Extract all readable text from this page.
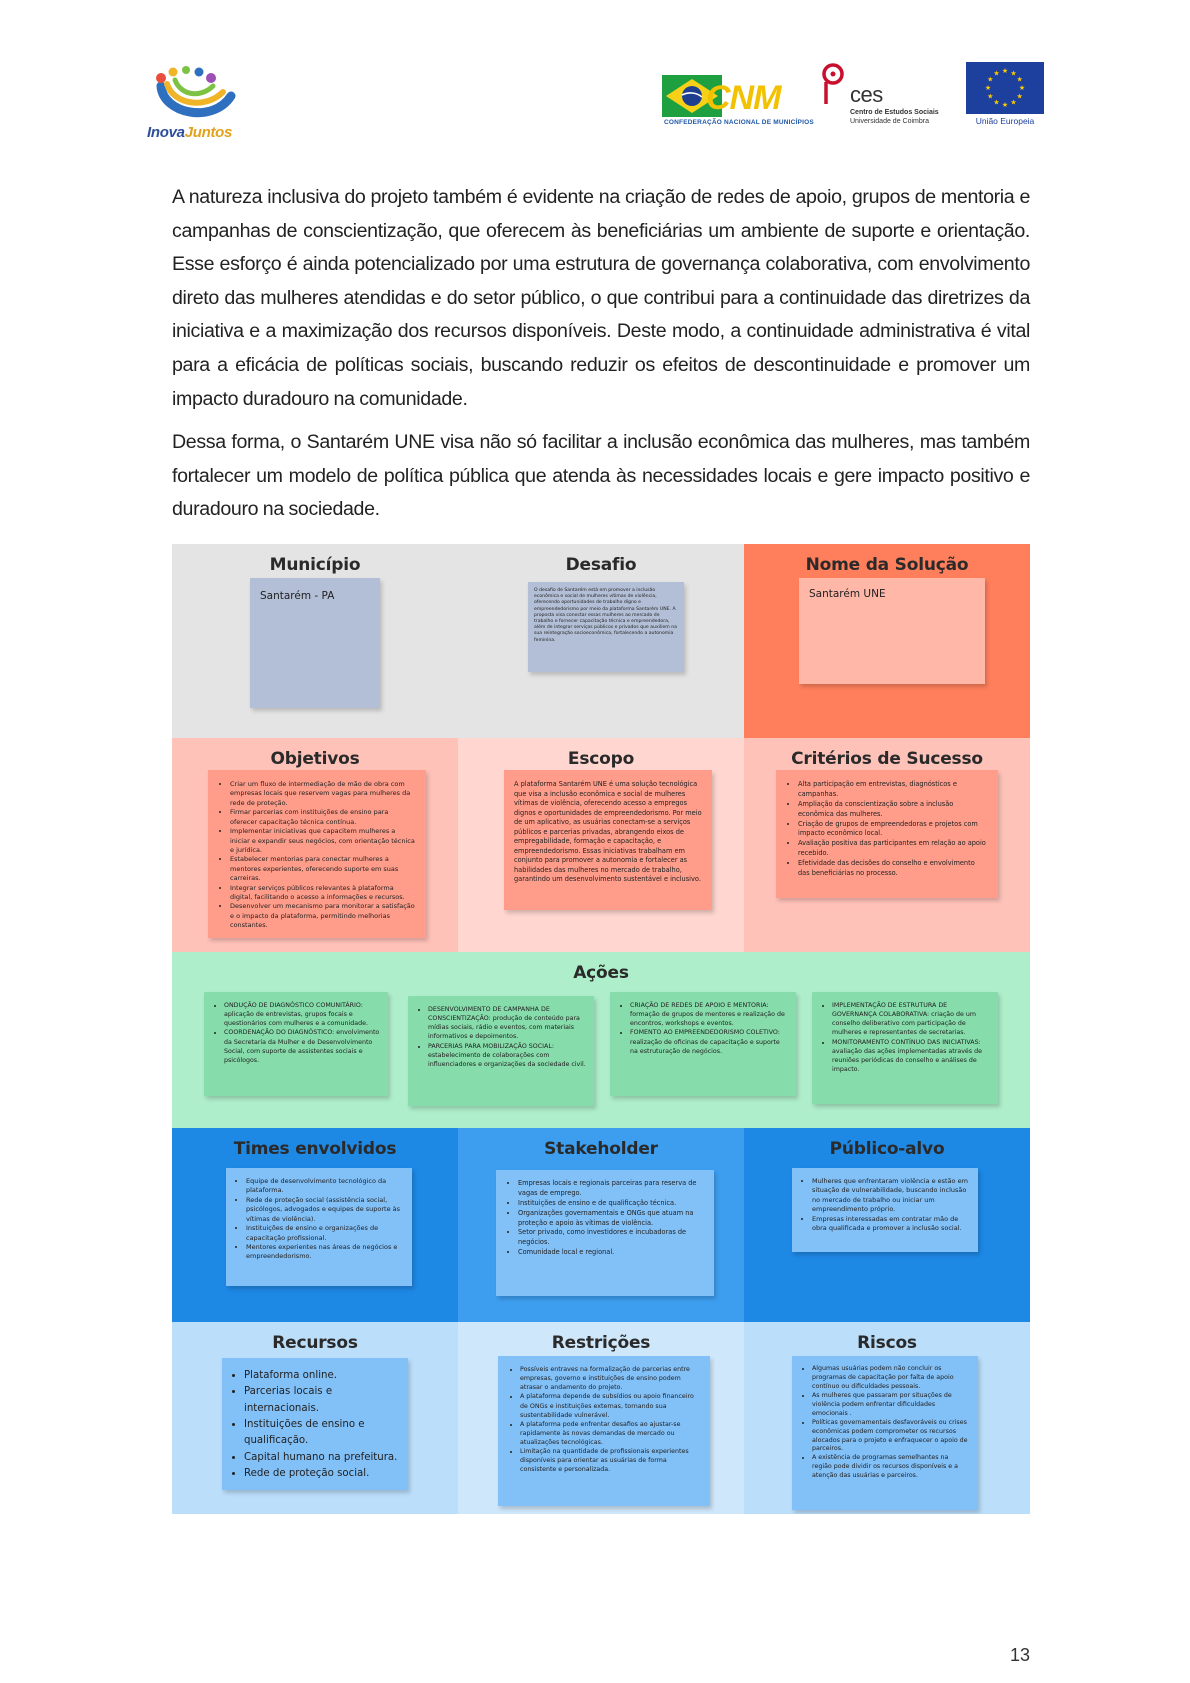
InovaJuntos
CNM
CONFEDERAÇÃO NACIONAL DE MUNICÍPIOS
ces
Centro de Estudos Sociais
Universidade de Coimbra
★ ★
★
★
★
★
★
★
★
★
★
★
União Europeia

A natureza inclusiva do projeto também é evidente na criação de redes de apoio, grupos de mentoria e campanhas de conscientização, que oferecem às beneficiárias um ambiente de suporte e orientação. Esse esforço é ainda potencializado por uma estrutura de governança colaborativa, com envolvimento direto das mulheres atendidas e do setor público, o que contribui para a continuidade das diretrizes da iniciativa e a maximização dos recursos disponíveis. Deste modo, a continuidade administrativa é vital para a eficácia de políticas sociais, buscando reduzir os efeitos de descontinuidade e promover um impacto duradouro na comunidade.

Dessa forma, o Santarém UNE visa não só facilitar a inclusão econômica das mulheres, mas também fortalecer um modelo de política pública que atenda às necessidades locais e gere impacto positivo e duradouro na sociedade.

Município
Santarém - PA
Desafio
O desafio de Santarém está em promover a inclusão econômica e social de mulheres vítimas de violência, oferecendo oportunidades de trabalho digno e empreendedorismo por meio da plataforma Santarém UNE. A proposta visa conectar essas mulheres ao mercado de trabalho e fornecer capacitação técnica e empreendedora, além de integrar serviços públicos e privados que auxiliem na sua reintegração socioeconômica, fortalecendo a autonomia feminina.
Nome da Solução
Santarém UNE
Objetivos
• Criar um fluxo de intermediação de mão de obra com empresas locais que reservem vagas para mulheres da rede de proteção.
• Firmar parcerias com instituições de ensino para oferecer capacitação técnica contínua.
• Implementar iniciativas que capacitem mulheres a iniciar e expandir seus negócios, com orientação técnica e jurídica.
• Estabelecer mentorias para conectar mulheres a mentores experientes, oferecendo suporte em suas carreiras.
• Integrar serviços públicos relevantes à plataforma digital, facilitando o acesso a informações e recursos.
• Desenvolver um mecanismo para monitorar a satisfação e o impacto da plataforma, permitindo melhorias constantes.
Escopo
A plataforma Santarém UNE é uma solução tecnológica que visa a inclusão econômica e social de mulheres vítimas de violência, oferecendo acesso a empregos dignos e oportunidades de empreendedorismo. Por meio de um aplicativo, as usuárias conectam-se a serviços públicos e parcerias privadas, abrangendo eixos de empregabilidade, formação e capacitação, e empreendedorismo. Essas iniciativas trabalham em conjunto para promover a autonomia e fortalecer as habilidades das mulheres no mercado de trabalho, garantindo um desenvolvimento sustentável e inclusivo.
Critérios de Sucesso
• Alta participação em entrevistas, diagnósticos e campanhas.
• Ampliação da conscientização sobre a inclusão econômica das mulheres.
• Criação de grupos de empreendedoras e projetos com impacto econômico local.
• Avaliação positiva das participantes em relação ao apoio recebido.
• Efetividade das decisões do conselho e envolvimento das beneficiárias no processo.
Ações
• ONDUÇÃO DE DIAGNÓSTICO COMUNITÁRIO: aplicação de entrevistas, grupos focais e questionários com mulheres e a comunidade.
• COORDENAÇÃO DO DIAGNÓSTICO: envolvimento da Secretaria da Mulher e de Desenvolvimento Social, com suporte de assistentes sociais e psicólogos.
• DESENVOLVIMENTO DE CAMPANHA DE CONSCIENTIZAÇÃO: produção de conteúdo para mídias sociais, rádio e eventos, com materiais informativos e depoimentos.
• PARCERIAS PARA MOBILIZAÇÃO SOCIAL: estabelecimento de colaborações com influenciadores e organizações da sociedade civil.
• CRIAÇÃO DE REDES DE APOIO E MENTORIA: formação de grupos de mentores e realização de encontros, workshops e eventos.
• FOMENTO AO EMPREENDEDORISMO COLETIVO: realização de oficinas de capacitação e suporte na estruturação de negócios.
• IMPLEMENTAÇÃO DE ESTRUTURA DE GOVERNANÇA COLABORATIVA: criação de um conselho deliberativo com participação de mulheres e representantes de secretarias.
• MONITORAMENTO CONTÍNUO DAS INICIATIVAS: avaliação das ações implementadas através de reuniões periódicas do conselho e análises de impacto.
Times envolvidos
• Equipe de desenvolvimento tecnológico da plataforma.
• Rede de proteção social (assistência social, psicólogos, advogados e equipes de suporte às vítimas de violência).
• Instituições de ensino e organizações de capacitação profissional.
• Mentores experientes nas áreas de negócios e empreendedorismo.
Stakeholder
• Empresas locais e regionais parceiras para reserva de vagas de emprego.
• Instituições de ensino e de qualificação técnica.
• Organizações governamentais e ONGs que atuam na proteção e apoio às vítimas de violência.
• Setor privado, como investidores e incubadoras de negócios.
• Comunidade local e regional.
Público-alvo
• Mulheres que enfrentaram violência e estão em situação de vulnerabilidade, buscando inclusão no mercado de trabalho ou iniciar um empreendimento próprio.
• Empresas interessadas em contratar mão de obra qualificada e promover a inclusão social.
Recursos
• Plataforma online.
• Parcerias locais e internacionais.
• Instituições de ensino e qualificação.
• Capital humano na prefeitura.
• Rede de proteção social.
Restrições
• Possíveis entraves na formalização de parcerias entre empresas, governo e instituições de ensino podem atrasar o andamento do projeto.
• A plataforma depende de subsídios ou apoio financeiro de ONGs e instituições externas, tornando sua sustentabilidade vulnerável.
• A plataforma pode enfrentar desafios ao ajustar-se rapidamente às novas demandas de mercado ou atualizações tecnológicas.
• Limitação na quantidade de profissionais experientes disponíveis para orientar as usuárias de forma consistente e personalizada.
Riscos
• Algumas usuárias podem não concluir os programas de capacitação por falta de apoio contínuo ou dificuldades pessoais.
• As mulheres que passaram por situações de violência podem enfrentar dificuldades emocionais .
• Políticas governamentais desfavoráveis ou crises econômicas podem comprometer os recursos alocados para o projeto e enfraquecer o apoio de parceiros.
• A existência de programas semelhantes na região pode dividir os recursos disponíveis e a atenção das usuárias e parceiros.
13
